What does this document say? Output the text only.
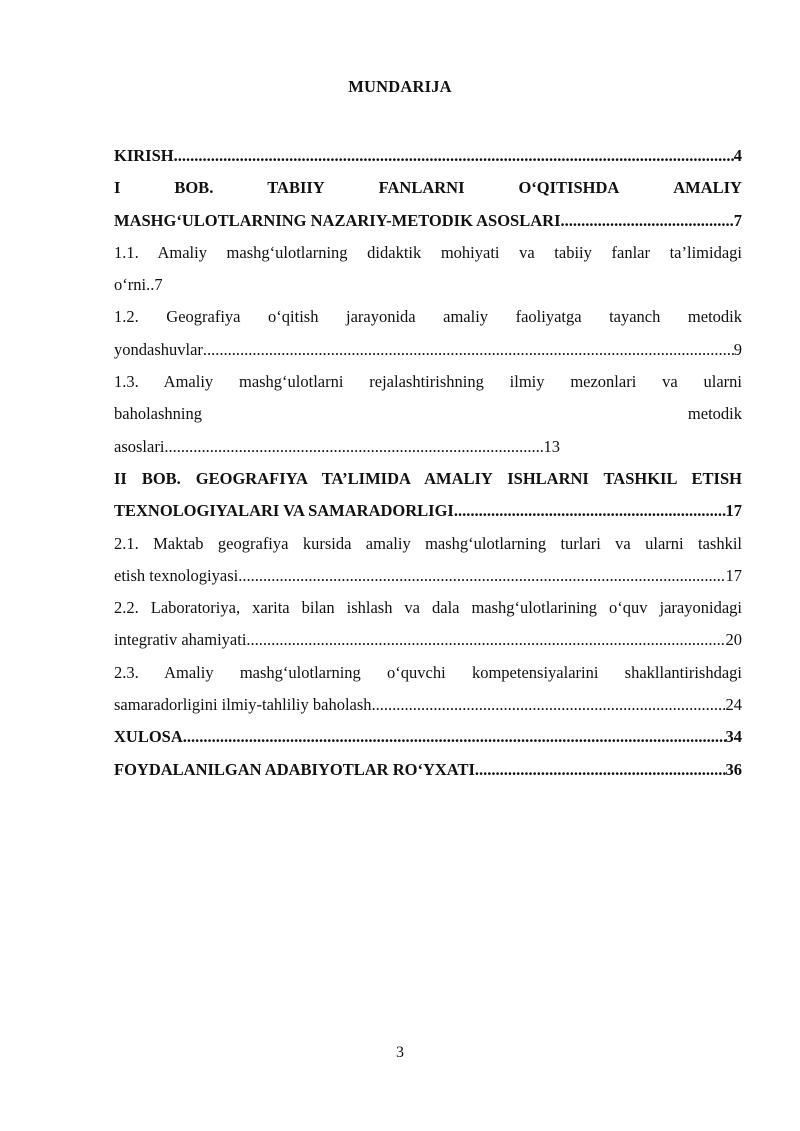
MUNDARIJA
KIRISH .....	4
I	BOB.	TABIIY	FANLARNI	O‘QITISHDA	AMALIY
MASHG‘ULOTLARNING NAZARIY-METODIK ASOSLARI .....	7
1.1. Amaliy mashg‘ulotlarning didaktik mohiyati va tabiiy fanlar ta’limidagi
o‘rni..7
1.2. Geografiya o‘qitish jarayonida amaliy faoliyatga tayanch metodik
yondashuvlar .....	9
1.3. Amaliy mashg‘ulotlarni rejalashtirishning ilmiy mezonlari va ularni
baholashning	metodik
asoslari .....	13
II BOB. GEOGRAFIYA TA’LIMIDA AMALIY ISHLARNI TASHKIL ETISH
TEXNOLOGIYALARI VA SAMARADORLIGI .....	17
2.1. Maktab geografiya kursida amaliy mashg‘ulotlarning turlari va ularni tashkil
etish texnologiyasi .....	17
2.2. Laboratoriya, xarita bilan ishlash va dala mashg‘ulotlarining o‘quv jarayonidagi
integrativ ahamiyati .....	20
2.3. Amaliy mashg‘ulotlarning o‘quvchi kompetensiyalarini shakllantirishdagi
samaradorligini ilmiy-tahliliy baholash .....	24
XULOSA .....	34
FOYDALANILGAN ADABIYOTLAR RO‘YXATI .....	36
3
